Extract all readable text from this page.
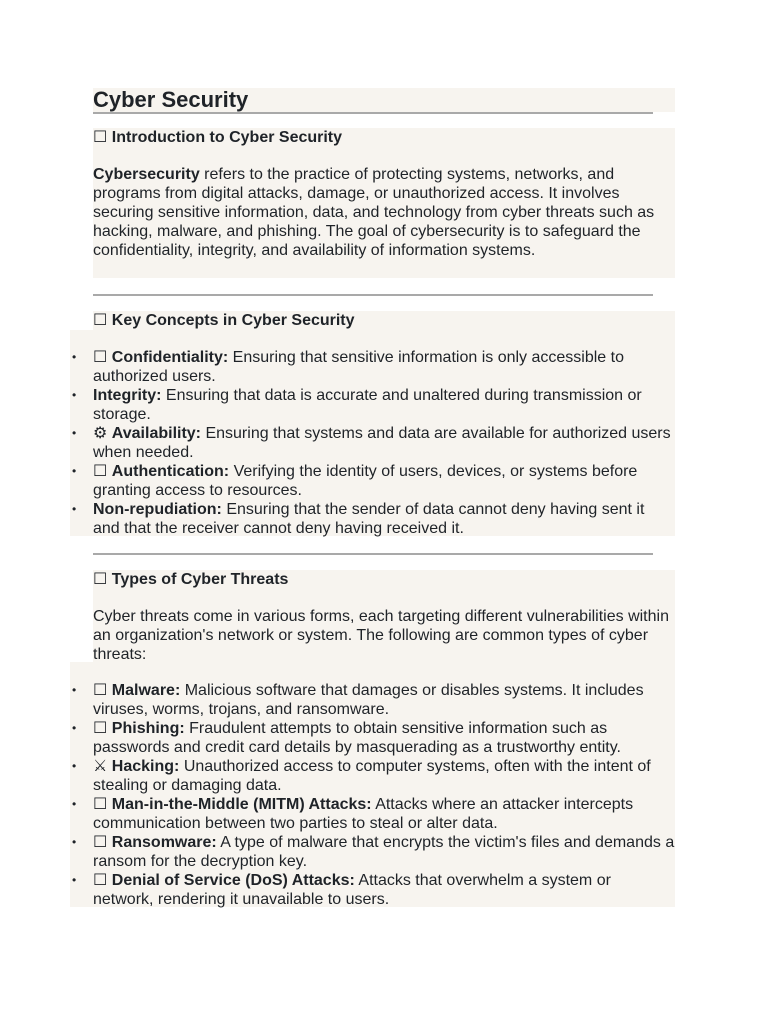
Cyber Security
☐ Introduction to Cyber Security

Cybersecurity refers to the practice of protecting systems, networks, and programs from digital attacks, damage, or unauthorized access. It involves securing sensitive information, data, and technology from cyber threats such as hacking, malware, and phishing. The goal of cybersecurity is to safeguard the confidentiality, integrity, and availability of information systems.

☐ Key Concepts in Cyber Security
• ☐ Confidentiality: Ensuring that sensitive information is only accessible to authorized users.
• Integrity: Ensuring that data is accurate and unaltered during transmission or storage.
• ⚙ Availability: Ensuring that systems and data are available for authorized users when needed.
• ☐ Authentication: Verifying the identity of users, devices, or systems before granting access to resources.
• Non-repudiation: Ensuring that the sender of data cannot deny having sent it and that the receiver cannot deny having received it.
☐ Types of Cyber Threats

Cyber threats come in various forms, each targeting different vulnerabilities within an organization's network or system. The following are common types of cyber threats:

• ☐ Malware: Malicious software that damages or disables systems. It includes viruses, worms, trojans, and ransomware.
• ☐ Phishing: Fraudulent attempts to obtain sensitive information such as passwords and credit card details by masquerading as a trustworthy entity.
• ⚔ Hacking: Unauthorized access to computer systems, often with the intent of stealing or damaging data.
• ☐ Man-in-the-Middle (MITM) Attacks: Attacks where an attacker intercepts communication between two parties to steal or alter data.
• ☐ Ransomware: A type of malware that encrypts the victim's files and demands a ransom for the decryption key.
• ☐ Denial of Service (DoS) Attacks: Attacks that overwhelm a system or network, rendering it unavailable to users.
